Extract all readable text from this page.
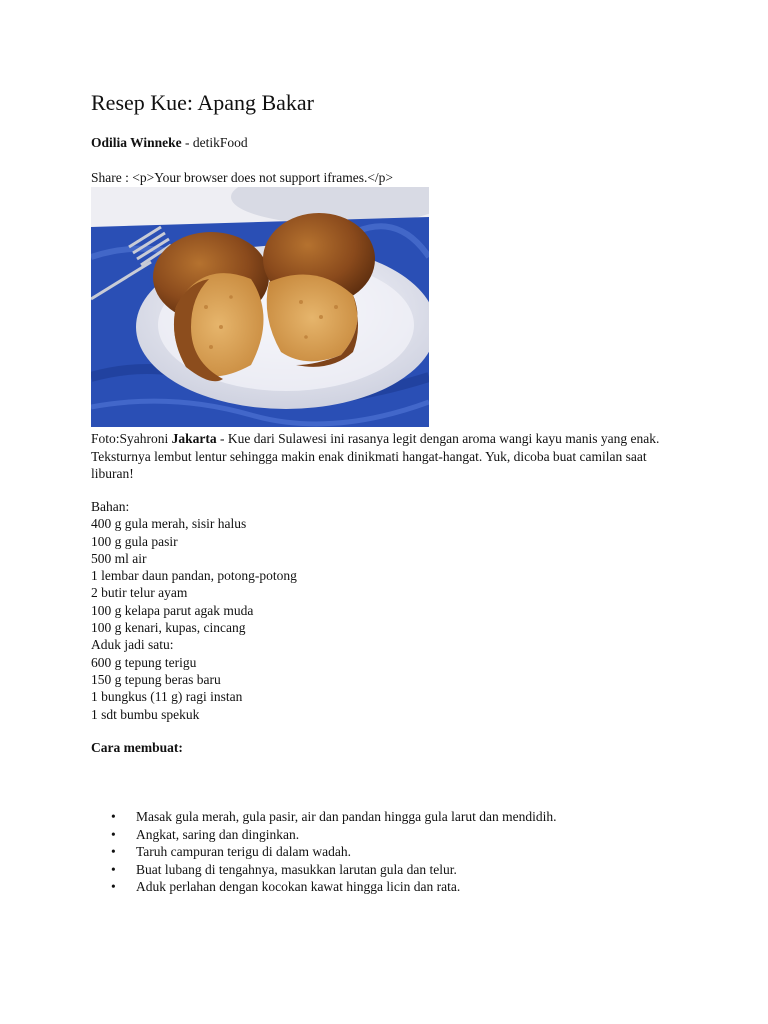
Resep Kue: Apang Bakar
Odilia Winneke - detikFood
Share : <p>Your browser does not support iframes.</p>
Foto:Syahroni Jakarta - Kue dari Sulawesi ini rasanya legit dengan aroma wangi kayu manis yang enak. Teksturnya lembut lentur sehingga makin enak dinikmati hangat-hangat. Yuk, dicoba buat camilan saat liburan!
Bahan:
400 g gula merah, sisir halus
100 g gula pasir
500 ml air
1 lembar daun pandan, potong-potong
2 butir telur ayam
100 g kelapa parut agak muda
100 g kenari, kupas, cincang
Aduk jadi satu:
600 g tepung terigu
150 g tepung beras baru
1 bungkus (11 g) ragi instan
1 sdt bumbu spekuk
Cara membuat:
• Masak gula merah, gula pasir, air dan pandan hingga gula larut dan mendidih.
• Angkat, saring dan dinginkan.
• Taruh campuran terigu di dalam wadah.
• Buat lubang di tengahnya, masukkan larutan gula dan telur.
• Aduk perlahan dengan kocokan kawat hingga licin dan rata.
